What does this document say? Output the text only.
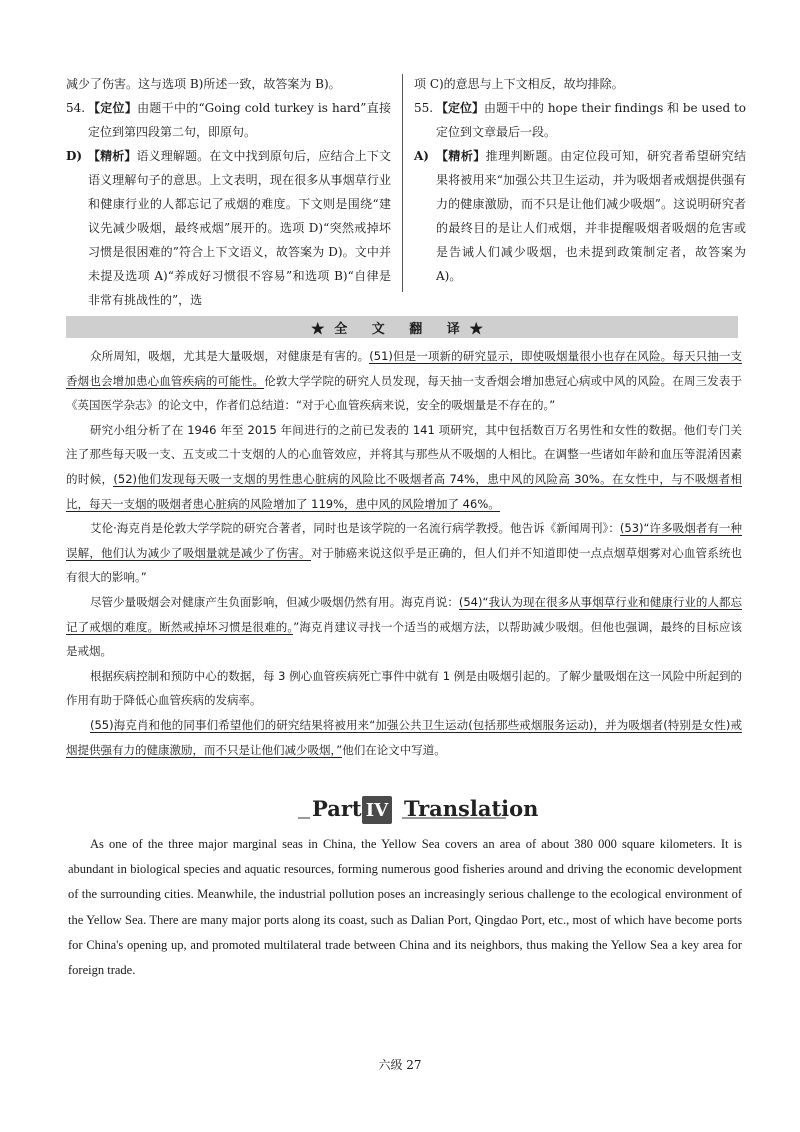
减少了伤害。这与选项 B)所述一致，故答案为 B)。

54. 【定位】由题干中的“Going cold turkey is hard”直接定位到第四段第二句，即原句。

D) 【精析】语义理解题。在文中找到原句后，应结合上下文语义理解句子的意思。上文表明，现在很多从事烟草行业和健康行业的人都忘记了戒烟的难度。下文则是围绕“建议先减少吸烟，最终戒烟”展开的。选项 D)“突然戒掉坏习惯是很困难的”符合上下文语义，故答案为 D)。文中并未提及选项 A)“养成好习惯很不容易”和选项 B)“自律是非常有挑战性的”，选

项 C)的意思与上下文相反，故均排除。

55. 【定位】由题干中的 hope their findings 和 be used to 定位到文章最后一段。

A) 【精析】推理判断题。由定位段可知，研究者希望研究结果将被用来“加强公共卫生运动，并为吸烟者戒烟提供强有力的健康激励，而不只是让他们减少吸烟”。这说明研究者的最终目的是让人们戒烟，并非提醒吸烟者吸烟的危害或是告诫人们减少吸烟，也未提到政策制定者，故答案为 A)。

★全 文 翻 译★

众所周知，吸烟，尤其是大量吸烟，对健康是有害的。(51)但是一项新的研究显示，即使吸烟量很小也存在风险。每天只抽一支香烟也会增加患心血管疾病的可能性。伦敦大学学院的研究人员发现，每天抽一支香烟会增加患冠心病或中风的风险。在周三发表于《英国医学杂志》的论文中，作者们总结道：“对于心血管疾病来说，安全的吸烟量是不存在的。”

研究小组分析了在 1946 年至 2015 年间进行的之前已发表的 141 项研究，其中包括数百万名男性和女性的数据。他们专门关注了那些每天吸一支、五支或二十支烟的人的心血管效应，并将其与那些从不吸烟的人相比。在调整一些诸如年龄和血压等混淆因素的时候，(52)他们发现每天吸一支烟的男性患心脏病的风险比不吸烟者高 74%，患中风的风险高 30%。在女性中，与不吸烟者相比，每天一支烟的吸烟者患心脏病的风险增加了 119%，患中风的风险增加了 46%。

艾伦·海克肖是伦敦大学学院的研究合著者，同时也是该学院的一名流行病学教授。他告诉《新闻周刊》：(53)“许多吸烟者有一种误解，他们认为减少了吸烟量就是减少了伤害。对于肺癌来说这似乎是正确的，但人们并不知道即使一点点烟草烟雾对心血管系统也有很大的影响。”

尽管少量吸烟会对健康产生负面影响，但减少吸烟仍然有用。海克肖说：(54)“我认为现在很多从事烟草行业和健康行业的人都忘记了戒烟的难度。断然戒掉坏习惯是很难的。”海克肖建议寻找一个适当的戒烟方法，以帮助减少吸烟。但他也强调，最终的目标应该是戒烟。

根据疾病控制和预防中心的数据，每 3 例心血管疾病死亡事件中就有 1 例是由吸烟引起的。了解少量吸烟在这一风险中所起到的作用有助于降低心血管疾病的发病率。

(55)海克肖和他的同事们希望他们的研究结果将被用来“加强公共卫生运动(包括那些戒烟服务运动)，并为吸烟者(特别是女性)戒烟提供强有力的健康激励，而不只是让他们减少吸烟，”他们在论文中写道。

Part IV Translation

As one of the three major marginal seas in China, the Yellow Sea covers an area of about 380 000 square kilometers. It is abundant in biological species and aquatic resources, forming numerous good fisheries around and driving the economic development of the surrounding cities. Meanwhile, the industrial pollution poses an increasingly serious challenge to the ecological environment of the Yellow Sea. There are many major ports along its coast, such as Dalian Port, Qingdao Port, etc., most of which have become ports for China's opening up, and promoted multilateral trade between China and its neighbors, thus making the Yellow Sea a key area for foreign trade.

六级 27
